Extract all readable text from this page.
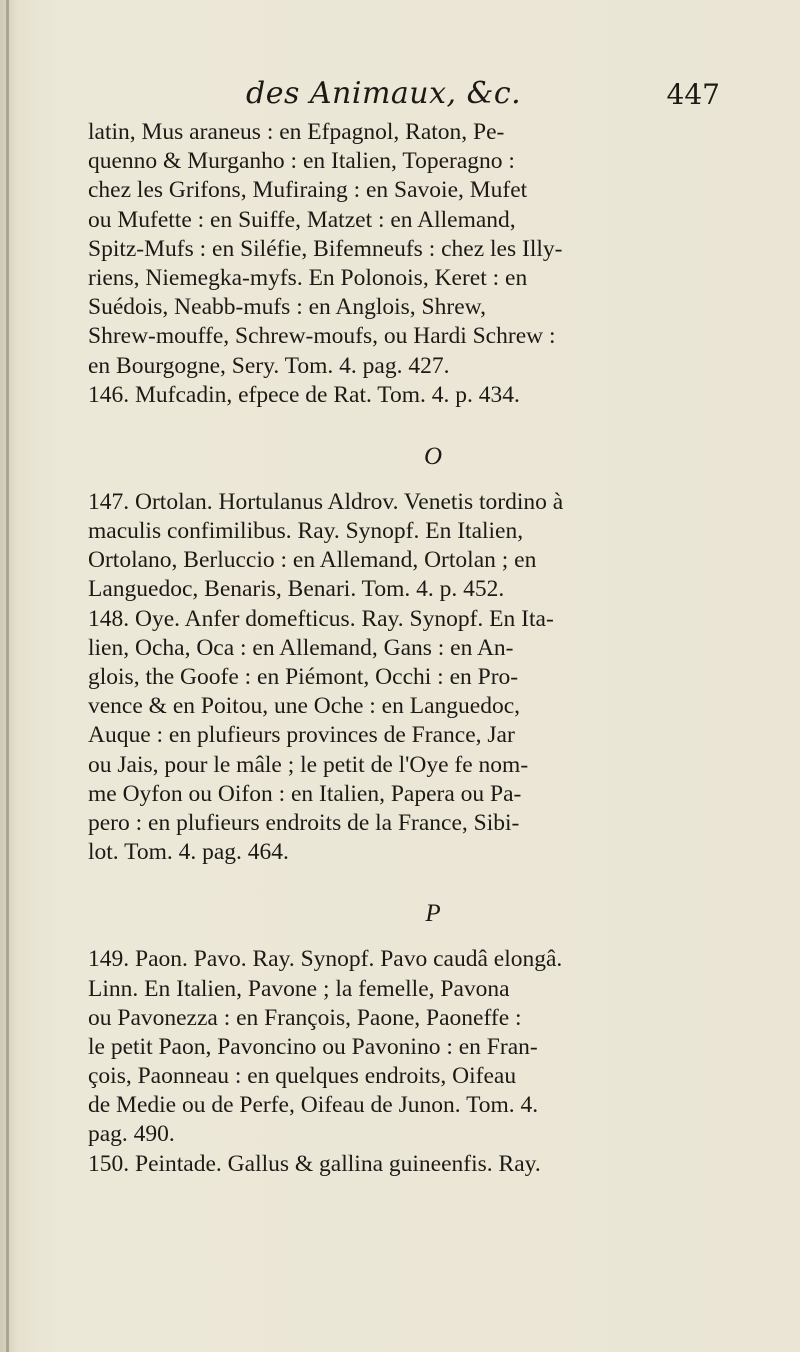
des Animaux, &c.	447
latin, Mus araneus : en Efpagnol, Raton, Pe-
quenno & Murganho : en Italien, Toperagno :
chez les Grifons, Mufiraing : en Savoie, Mufet
ou Mufette : en Suiffe, Matzet : en Allemand,
Spitz-Mufs : en Siléfie, Bifemneufs : chez les Illy-
riens, Niemegka-myfs. En Polonois, Keret : en
Suédois, Neabb-mufs : en Anglois, Shrew,
Shrew-mouffe, Schrew-moufs, ou Hardi Schrew :
en Bourgogne, Sery. Tom. 4. pag. 427.
146. Mufcadin, efpece de Rat. Tom. 4. p. 434.
O
147. Ortolan. Hortulanus Aldrov. Venetis tordino à
maculis confimilibus. Ray. Synopf. En Italien,
Ortolano, Berluccio : en Allemand, Ortolan ; en
Languedoc, Benaris, Benari. Tom. 4. p. 452.
148. Oye. Anfer domefticus. Ray. Synopf. En Ita-
lien, Ocha, Oca : en Allemand, Gans : en An-
glois, the Goofe : en Piémont, Occhi : en Pro-
vence & en Poitou, une Oche : en Languedoc,
Auque : en plufieurs provinces de France, Jar
ou Jais, pour le mâle ; le petit de l'Oye fe nom-
me Oyfon ou Oifon : en Italien, Papera ou Pa-
pero : en plufieurs endroits de la France, Sibi-
lot. Tom. 4. pag. 464.
P
149. Paon. Pavo. Ray. Synopf. Pavo caudâ elongâ.
Linn. En Italien, Pavone ; la femelle, Pavona
ou Pavonezza : en François, Paone, Paoneffe :
le petit Paon, Pavoncino ou Pavonino : en Fran-
çois, Paonneau : en quelques endroits, Oifeau
de Medie ou de Perfe, Oifeau de Junon. Tom. 4.
pag. 490.
150. Peintade. Gallus & gallina guineenfis. Ray.
